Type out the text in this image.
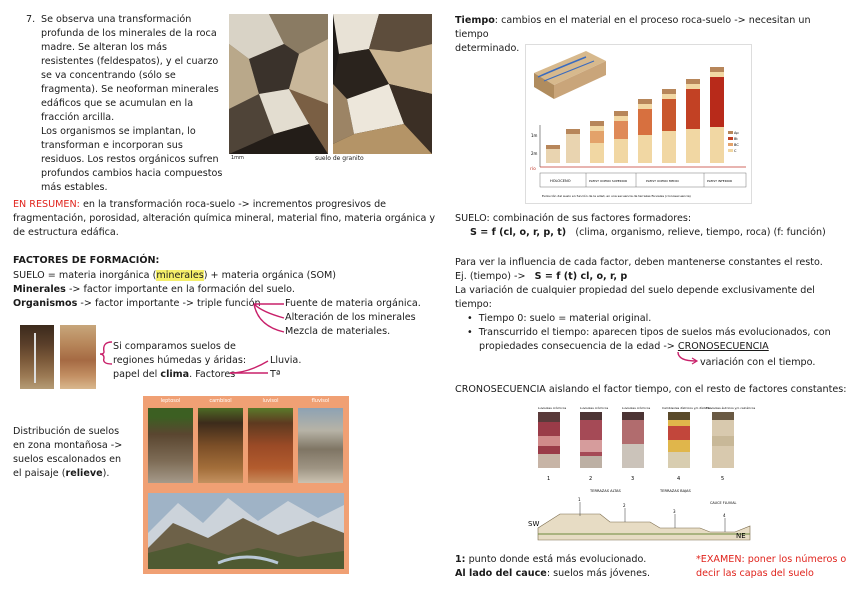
7. Se observa una transformación
profunda de los minerales de la roca
madre. Se alteran los más
resistentes (feldespatos), y el cuarzo
se va concentrando (sólo se
fragmenta). Se neoforman minerales
edáficos que se acumulan en la
fracción arcilla.
Los organismos se implantan, lo
transforman e incorporan sus
residuos. Los restos orgánicos sufren
profundos cambios hacia compuestos
más estables.
1mm	suelo de granito
EN RESUMEN: en la transformación roca-suelo -> incrementos progresivos de
fragmentación, porosidad, alteración química mineral, material fino, materia orgánica y
de estructura edáfica.
FACTORES DE FORMACIÓN:
SUELO = materia inorgánica (minerales) + materia orgánica (SOM)
Minerales -> factor importante en la formación del suelo.
Organismos -> factor importante -> triple función	Fuente de materia orgánica.
Alteración de los minerales
Mezcla de materiales.
Si comparamos suelos de
regiones húmedas y áridas:
papel del clima. Factores
Lluvia.
Tª
Distribución de suelos
en zona montañosa ->
suelos escalonados en
el paisaje (relieve).
leptosol	cambisol	luvisol	fluvisol
Tiempo: cambios en el material en el proceso roca-suelo -> necesitan un tiempo
determinado.
1m
2m
río
Ap
Bt
BC
C
HOLOCENO	PLEIST OCENO SUPERIOR	PLEIST OCENO MEDIO	PLEIST INFERIOR
Evolución del suelo en función de la edad, en una secuencia de terrazas fluviales (cronosecuencia)
SUELO: combinación de sus factores formadores:
S = f (cl, o, r, p, t) (clima, organismo, relieve, tiempo, roca) (f: función)
Para ver la influencia de cada factor, deben mantenerse constantes el resto.
Ej. (tiempo) -> S = f (t) cl, o, r, p
La variación de cualquier propiedad del suelo depende exclusivamente del
tiempo:
•  Tiempo 0: suelo = material original.
•  Transcurrido el tiempo: aparecen tipos de suelos más evolucionados, con
propiedades consecuencia de la edad -> CRONOSECUENCIA
variación con el tiempo.
CRONOSECUENCIA aislando el factor tiempo, con el resto de factores constantes:
Luvisoles crómicos	Luvisoles crómicos	Luvisoles crómicos	Cambisoles dístricos y/o dísticos
Fluvisoles éutricos y/o calcáricos
1	2	3	4	5
TERRAZAS ALTAS	TERRAZAS BAJAS
CAUCE FLUVIAL
1
2
3
4
SW
NE
1: punto donde está más evolucionado.
Al lado del cauce: suelos más jóvenes.
*EXAMEN: poner los números o
decir las capas del suelo
